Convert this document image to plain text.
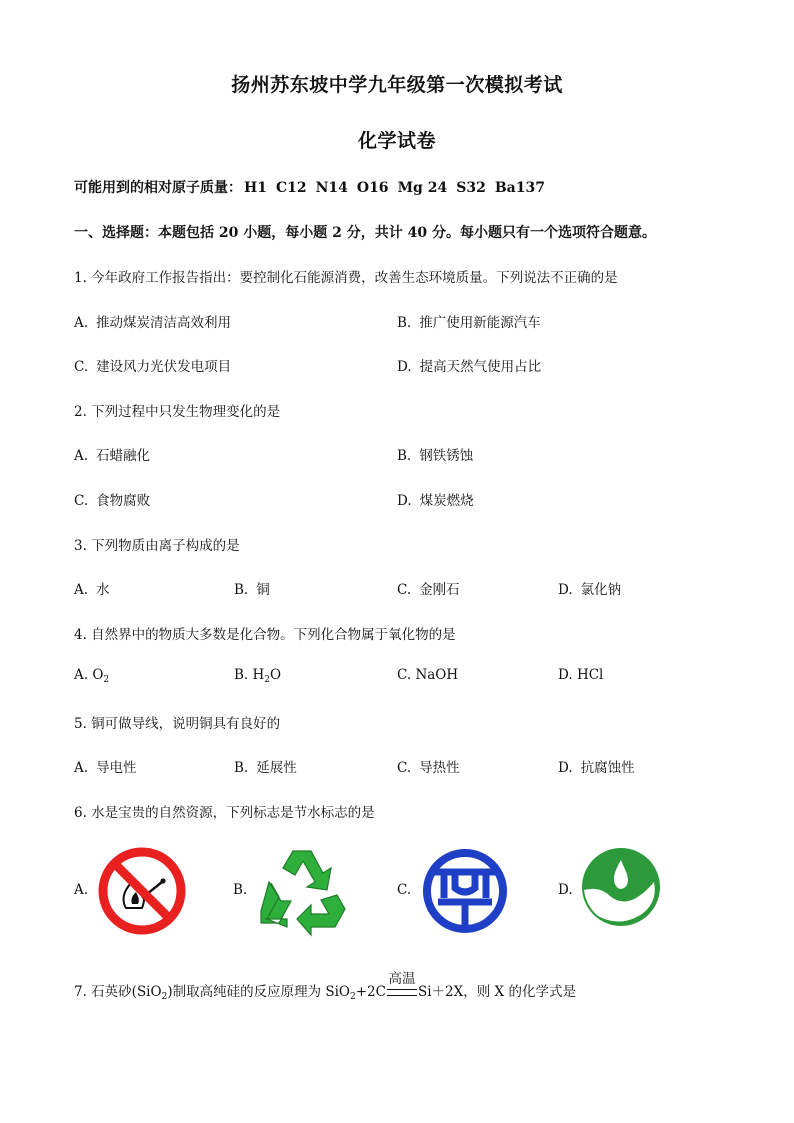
扬州苏东坡中学九年级第一次模拟考试
化学试卷
可能用到的相对原子质量： H1 C12 N14 O16 Mg 24 S32 Ba137
一、选择题：本题包括 20 小题，每小题 2 分，共计 40 分。每小题只有一个选项符合题意。
1. 今年政府工作报告指出：要控制化石能源消费，改善生态环境质量。下列说法不正确的是
A. 推动煤炭清洁高效利用	B. 推广使用新能源汽车
C. 建设风力光伏发电项目	D. 提高天然气使用占比
2. 下列过程中只发生物理变化的是
A. 石蜡融化	B. 钢铁锈蚀
C. 食物腐败	D. 煤炭燃烧
3. 下列物质由离子构成的是
A. 水	B. 铜	C. 金刚石	D. 氯化钠
4. 自然界中的物质大多数是化合物。下列化合物属于氧化物的是
A. $O_2$	B. $H_2O$	C. NaOH	D. HCl
5. 铜可做导线，说明铜具有良好的
A. 导电性	B. 延展性	C. 导热性	D. 抗腐蚀性
6. 水是宝贵的自然资源，下列标志是节水标志的是
A.	B.	C.	D.
7. 石英砂(SiO$_2$)制取高纯硅的反应原理为 SiO$_2$+2C
高温
Si＋2X，则 X 的化学式是
